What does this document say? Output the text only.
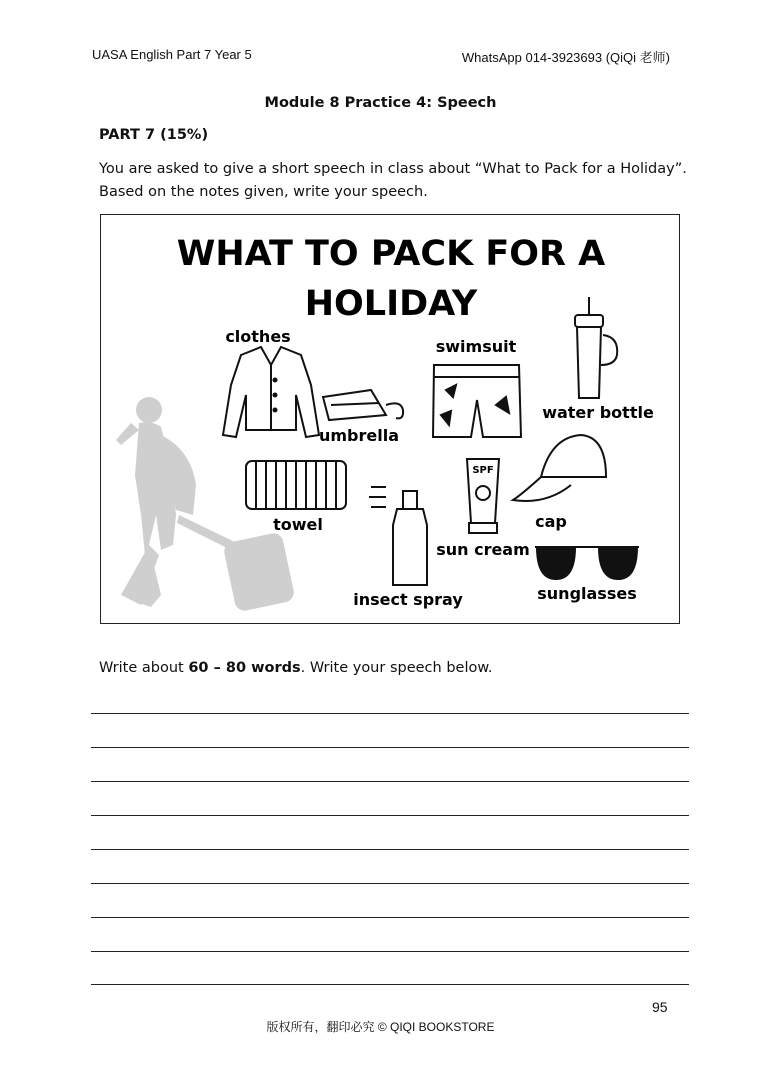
UASA English Part 7 Year 5	WhatsApp 014-3923693 (QiQi 老师)
Module 8 Practice 4: Speech
PART 7 (15%)
You are asked to give a short speech in class about “What to Pack for a Holiday”.
Based on the notes given, write your speech.
WHAT TO PACK FOR A
HOLIDAY
clothes
umbrella
swimsuit
water bottle
towel
insect spray
SPF
sun cream
cap
sunglasses
Write about 60 – 80 words. Write your speech below.
95
版权所有，翻印必究 © QIQI BOOKSTORE
